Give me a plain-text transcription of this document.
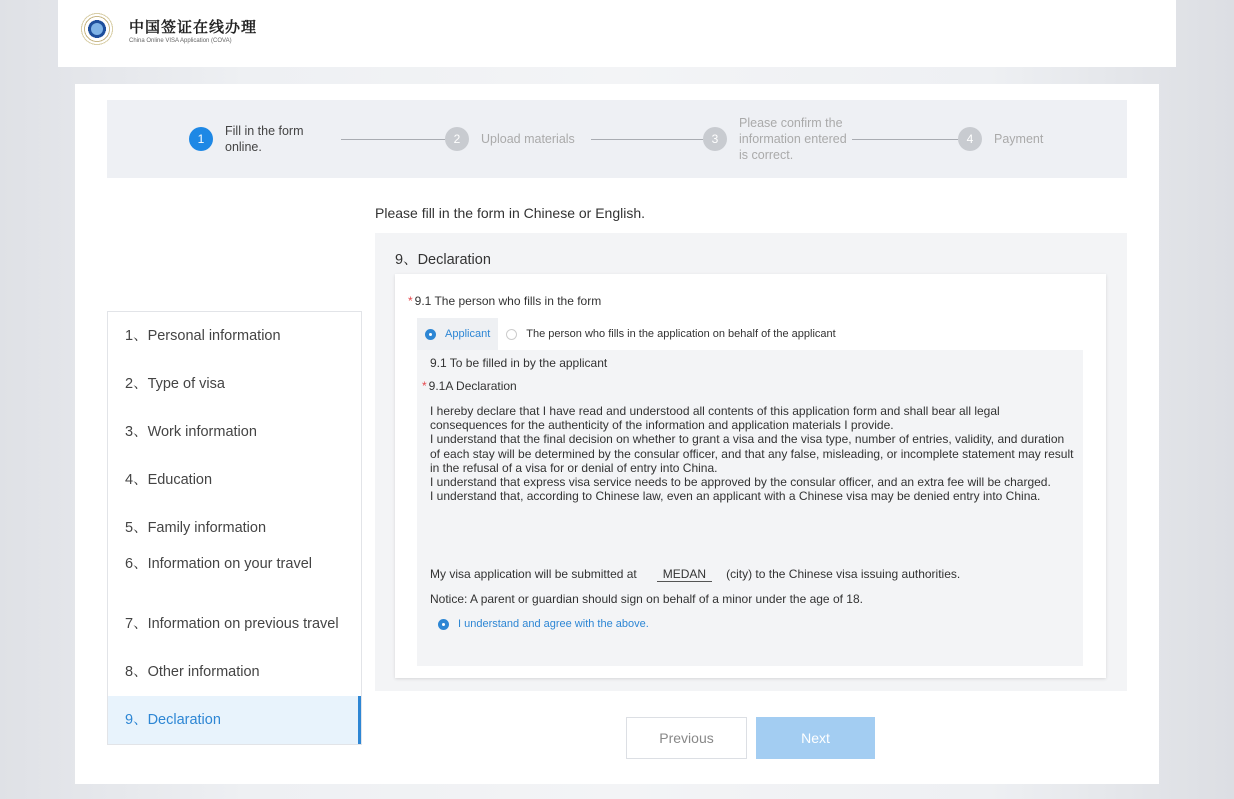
中国签证在线办理
China Online VISA Application (COVA)
1
Fill in the form online.
2	Upload materials	3
Please confirm the information entered is correct.
4	Payment
Please fill in the form in Chinese or English.
1、Personal information
2、Type of visa
3、Work information
4、Education
5、Family information
6、Information on your travel
7、Information on previous travel
8、Other information
9、Declaration
9、Declaration
* 9.1 The person who fills in the form
Applicant	The person who fills in the application on behalf of the applicant
9.1 To be filled in by the applicant
* 9.1A Declaration
I hereby declare that I have read and understood all contents of this application form and shall bear all legal consequences for the authenticity of the information and application materials I provide.
I understand that the final decision on whether to grant a visa and the visa type, number of entries, validity, and duration of each stay will be determined by the consular officer, and that any false, misleading, or incomplete statement may result in the refusal of a visa for or denial of entry into China.
I understand that express visa service needs to be approved by the consular officer, and an extra fee will be charged.
I understand that, according to Chinese law, even an applicant with a Chinese visa may be denied entry into China.
My visa application will be submitted at MEDAN (city) to the Chinese visa issuing authorities.
Notice: A parent or guardian should sign on behalf of a minor under the age of 18.
I understand and agree with the above.
Previous	Next
